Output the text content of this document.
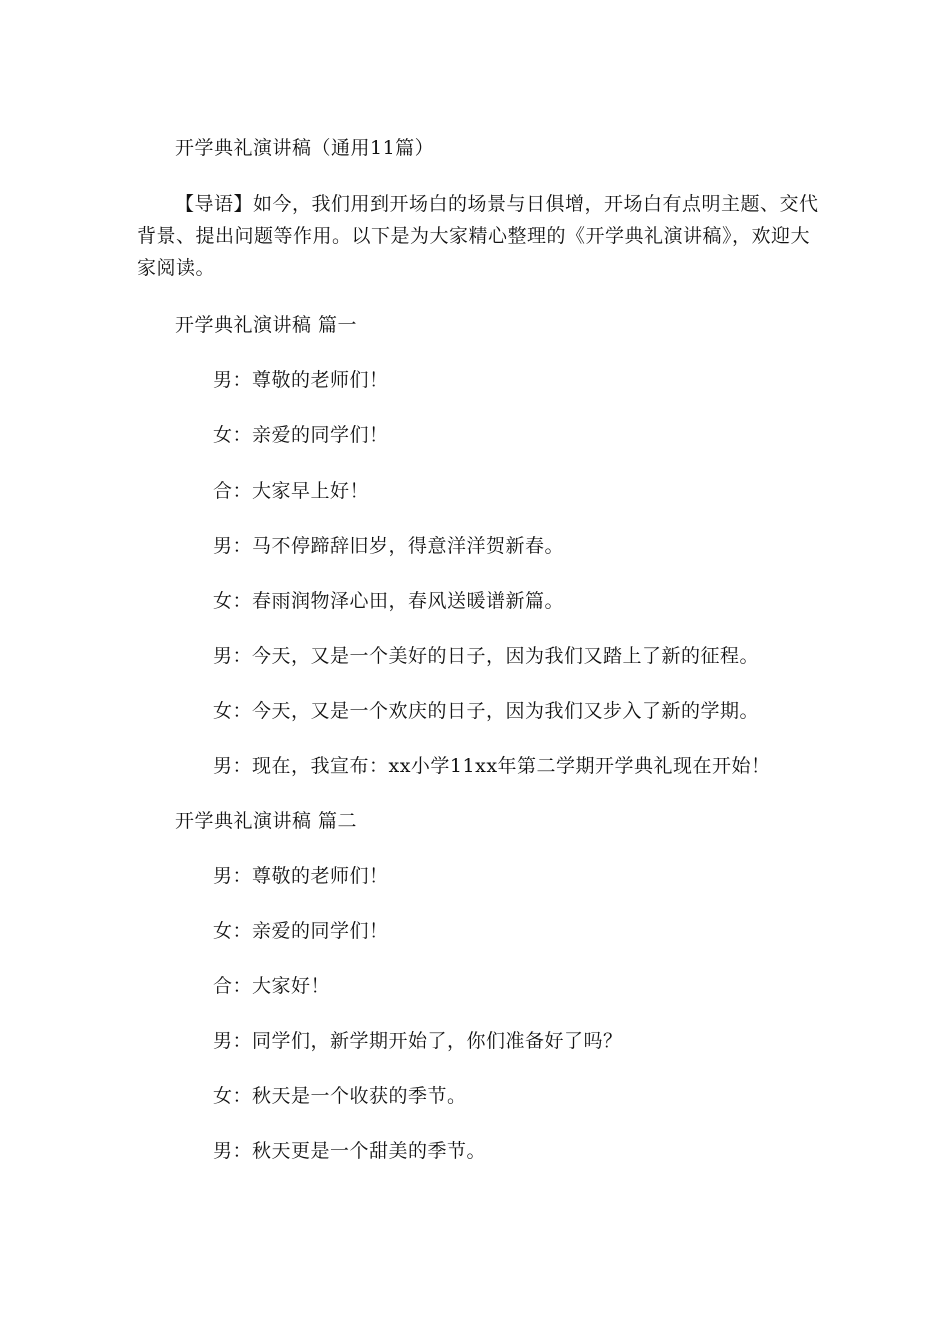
开学典礼演讲稿（通用11篇）
【导语】如今，我们用到开场白的场景与日俱增，开场白有点明主题、交代
背景、提出问题等作用。以下是为大家精心整理的《开学典礼演讲稿》，欢迎大
家阅读。
开学典礼演讲稿 篇一
男：尊敬的老师们！
女：亲爱的同学们！
合：大家早上好！
男：马不停蹄辞旧岁，得意洋洋贺新春。
女：春雨润物泽心田，春风送暖谱新篇。
男：今天，又是一个美好的日子，因为我们又踏上了新的征程。
女：今天，又是一个欢庆的日子，因为我们又步入了新的学期。
男：现在，我宣布：xx小学11xx年第二学期开学典礼现在开始！
开学典礼演讲稿 篇二
男：尊敬的老师们！
女：亲爱的同学们！
合：大家好！
男：同学们，新学期开始了，你们准备好了吗？
女：秋天是一个收获的季节。
男：秋天更是一个甜美的季节。
